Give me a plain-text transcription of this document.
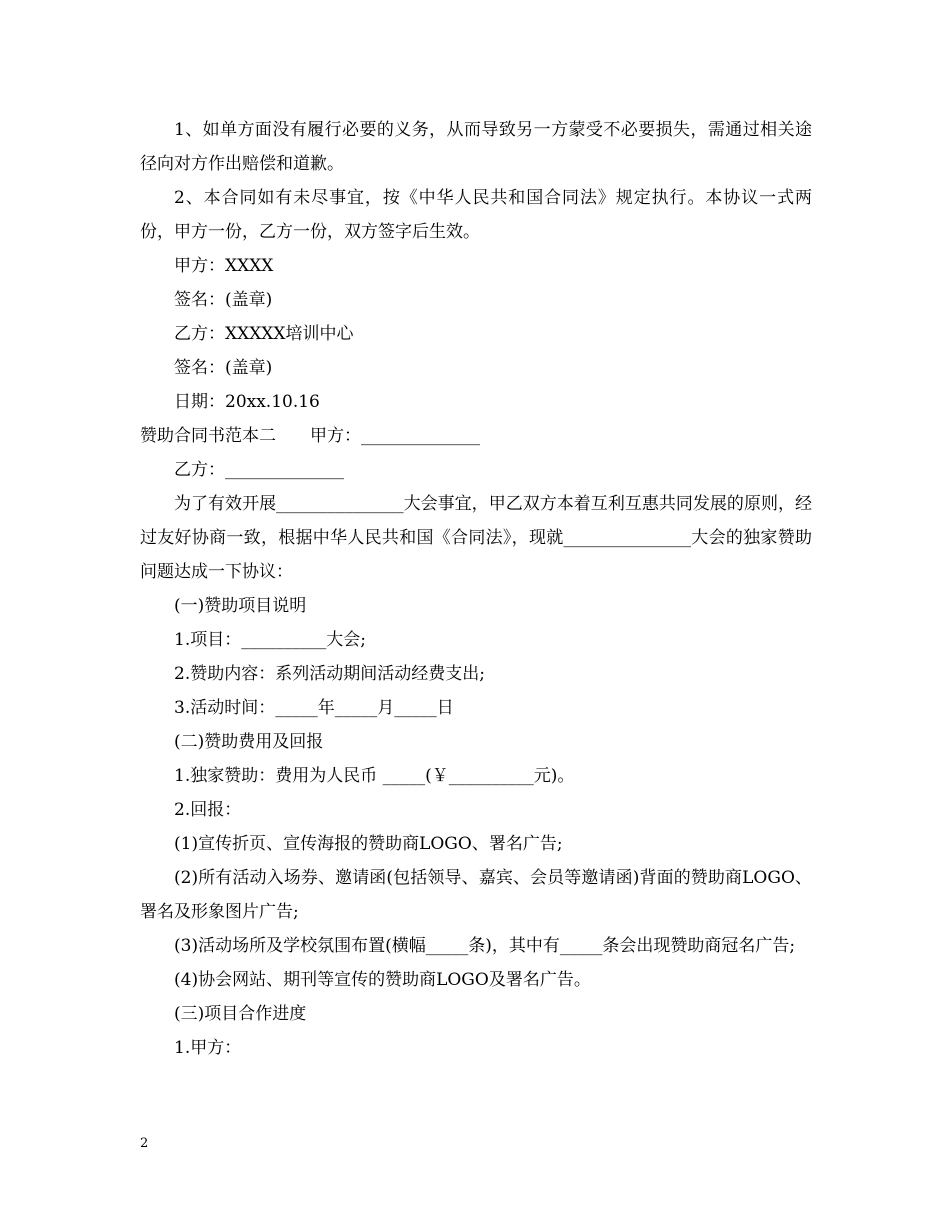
1、如单方面没有履行必要的义务，从而导致另一方蒙受不必要损失，需通过相关途径向对方作出赔偿和道歉。

2、本合同如有未尽事宜，按《中华人民共和国合同法》规定执行。本协议一式两份，甲方一份，乙方一份，双方签字后生效。

甲方：XXXX

签名：(盖章)

乙方：XXXXX培训中心

签名：(盖章)

日期：20xx.10.16

赞助合同书范本二　　甲方：______________

乙方：______________

为了有效开展_______________大会事宜，甲乙双方本着互利互惠共同发展的原则，经过友好协商一致，根据中华人民共和国《合同法》，现就_______________大会的独家赞助问题达成一下协议：

(一)赞助项目说明

1.项目：__________大会;

2.赞助内容：系列活动期间活动经费支出;

3.活动时间：_____年_____月_____日

(二)赞助费用及回报

1.独家赞助：费用为人民币 _____(￥__________元)。

2.回报：

(1)宣传折页、宣传海报的赞助商LOGO、署名广告;

(2)所有活动入场券、邀请函(包括领导、嘉宾、会员等邀请函)背面的赞助商LOGO、署名及形象图片广告;

(3)活动场所及学校氛围布置(横幅_____条)，其中有_____条会出现赞助商冠名广告;

(4)协会网站、期刊等宣传的赞助商LOGO及署名广告。

(三)项目合作进度

1.甲方：

2
